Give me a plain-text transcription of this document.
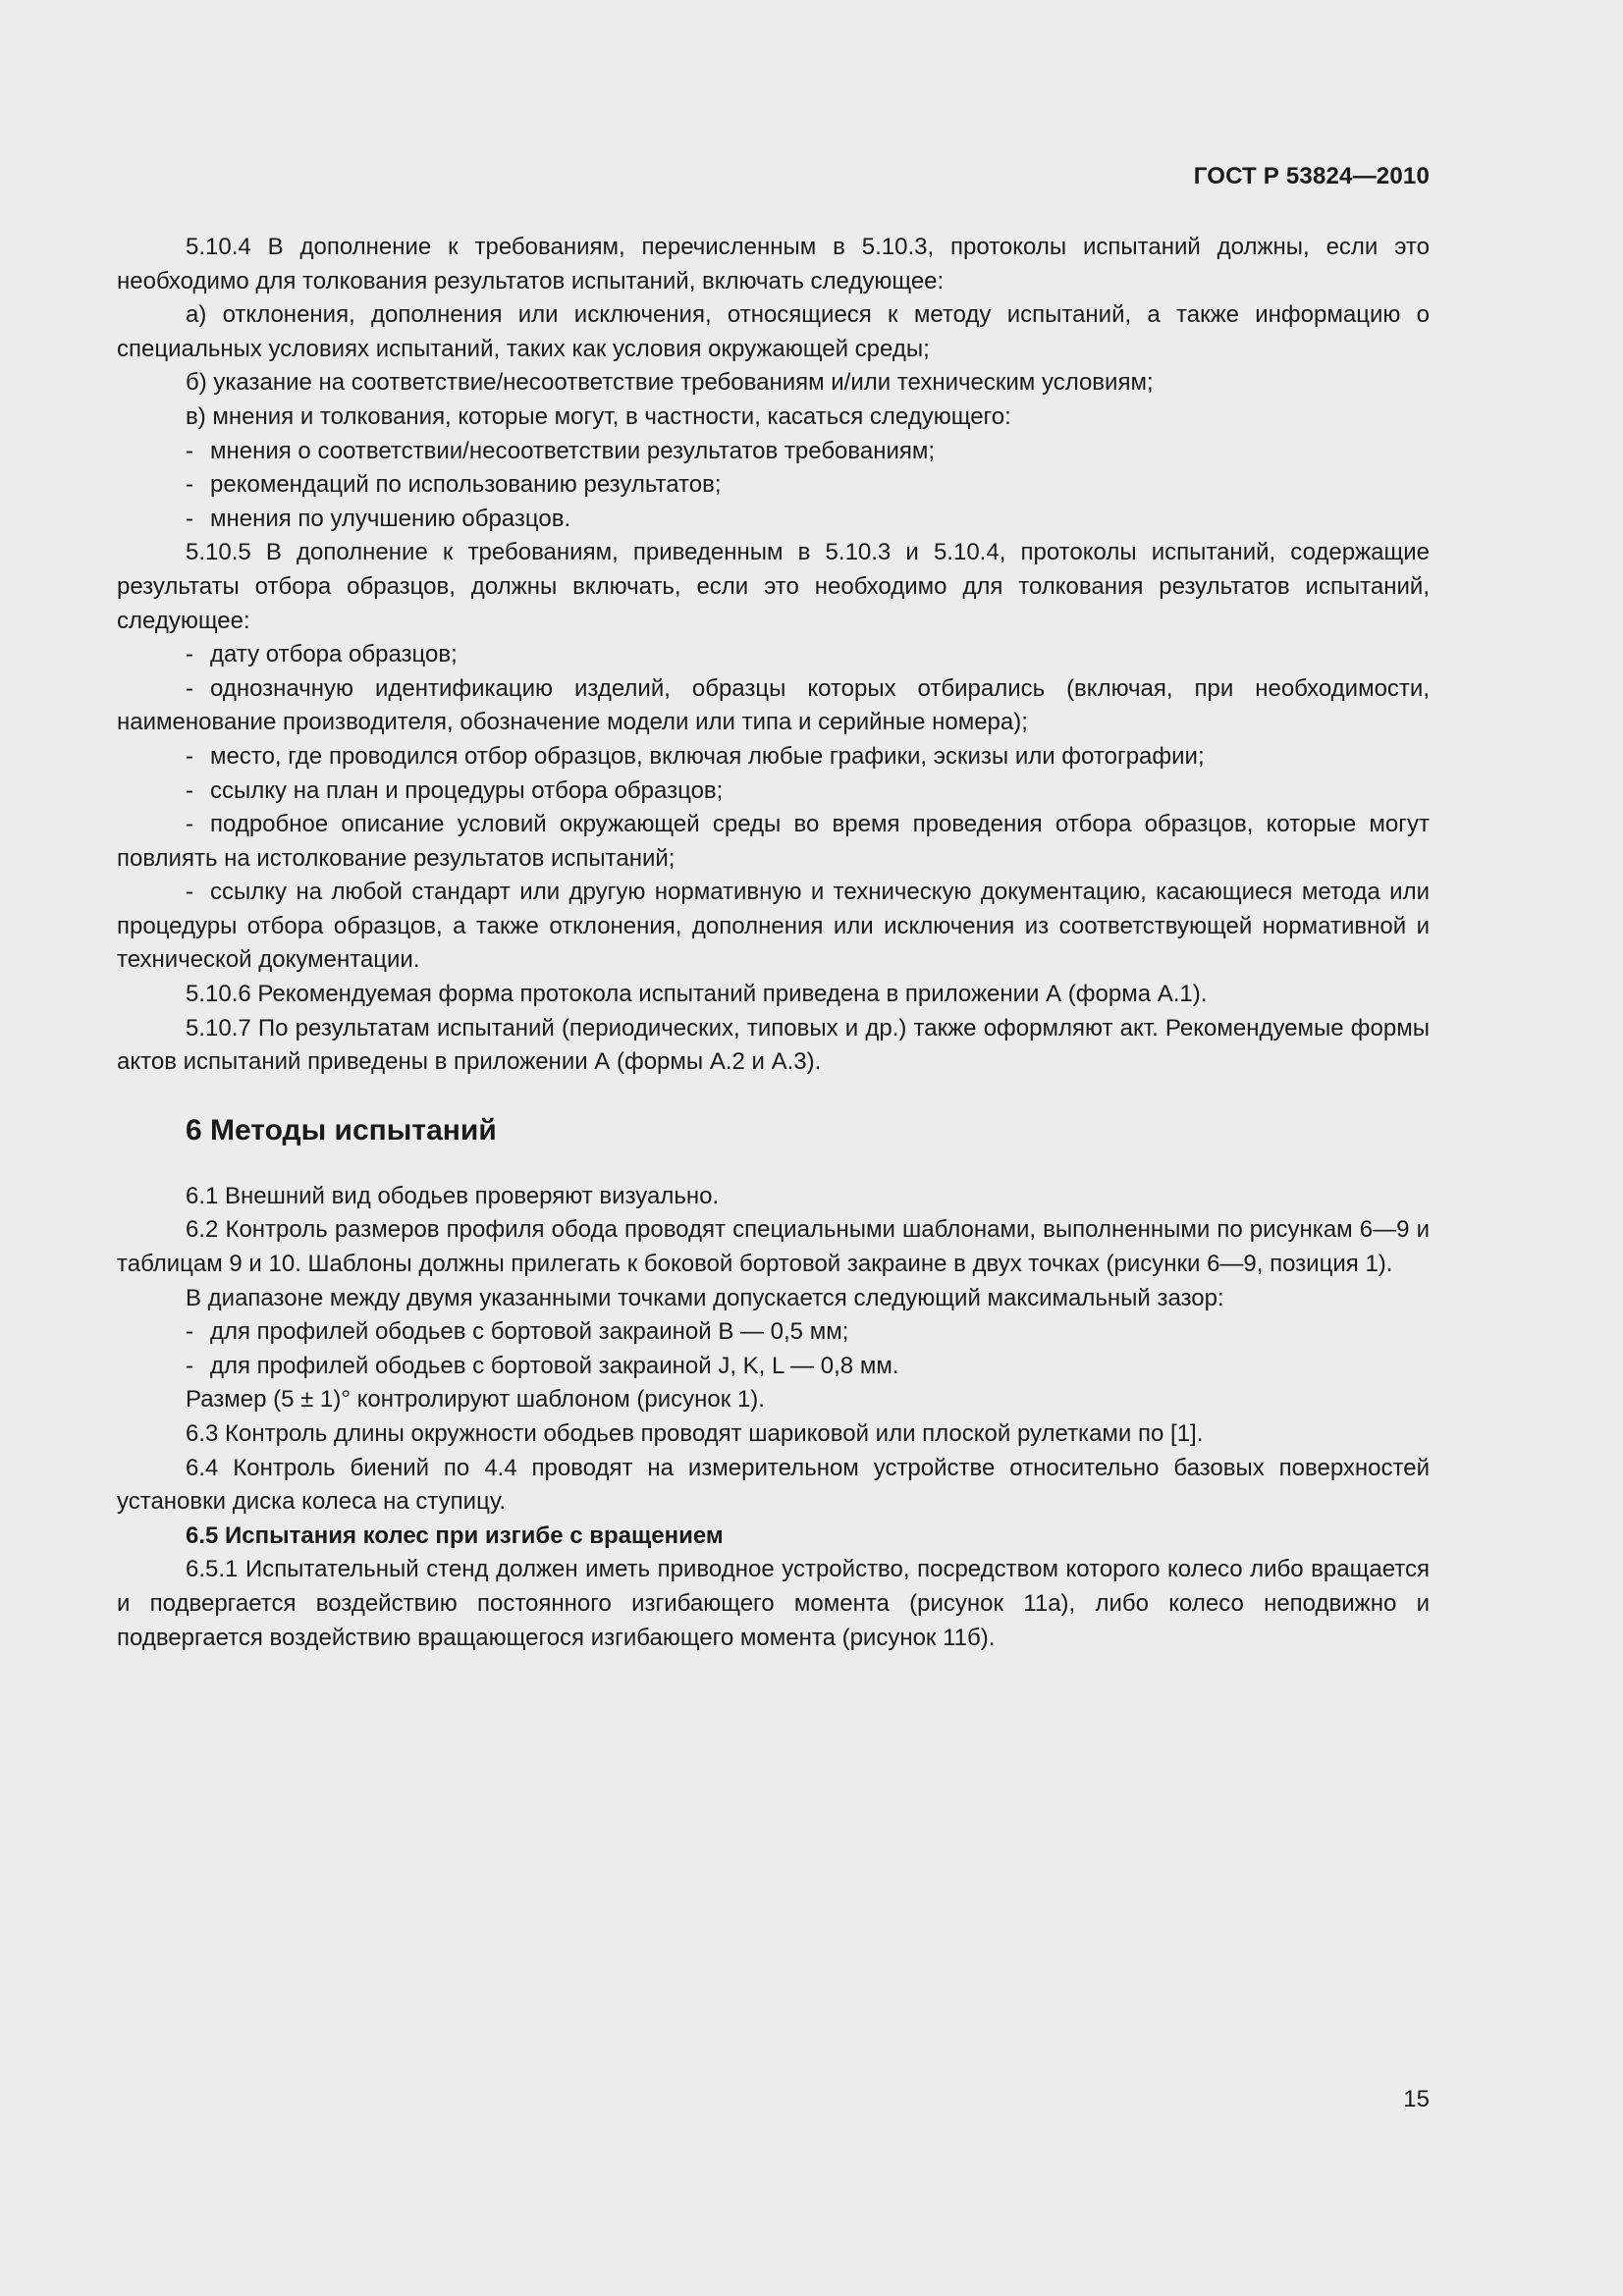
ГОСТ Р 53824—2010

5.10.4 В дополнение к требованиям, перечисленным в 5.10.3, протоколы испытаний должны, если это необходимо для толкования результатов испытаний, включать следующее:

а) отклонения, дополнения или исключения, относящиеся к методу испытаний, а также информацию о специальных условиях испытаний, таких как условия окружающей среды;

б) указание на соответствие/несоответствие требованиям и/или техническим условиям;

в) мнения и толкования, которые могут, в частности, касаться следующего:

- мнения о соответствии/несоответствии результатов требованиям;

- рекомендаций по использованию результатов;

- мнения по улучшению образцов.

5.10.5 В дополнение к требованиям, приведенным в 5.10.3 и 5.10.4, протоколы испытаний, содержащие результаты отбора образцов, должны включать, если это необходимо для толкования результатов испытаний, следующее:

- дату отбора образцов;

- однозначную идентификацию изделий, образцы которых отбирались (включая, при необходимости, наименование производителя, обозначение модели или типа и серийные номера);

- место, где проводился отбор образцов, включая любые графики, эскизы или фотографии;

- ссылку на план и процедуры отбора образцов;

- подробное описание условий окружающей среды во время проведения отбора образцов, которые могут повлиять на истолкование результатов испытаний;

- ссылку на любой стандарт или другую нормативную и техническую документацию, касающиеся метода или процедуры отбора образцов, а также отклонения, дополнения или исключения из соответствующей нормативной и технической документации.

5.10.6 Рекомендуемая форма протокола испытаний приведена в приложении А (форма А.1).

5.10.7 По результатам испытаний (периодических, типовых и др.) также оформляют акт. Рекомендуемые формы актов испытаний приведены в приложении А (формы А.2 и А.3).

6 Методы испытаний

6.1 Внешний вид ободьев проверяют визуально.

6.2 Контроль размеров профиля обода проводят специальными шаблонами, выполненными по рисункам 6—9 и таблицам 9 и 10. Шаблоны должны прилегать к боковой бортовой закраине в двух точках (рисунки 6—9, позиция 1).

В диапазоне между двумя указанными точками допускается следующий максимальный зазор:

- для профилей ободьев с бортовой закраиной B — 0,5 мм;

- для профилей ободьев с бортовой закраиной J, K, L — 0,8 мм.

Размер (5 ± 1)° контролируют шаблоном (рисунок 1).

6.3 Контроль длины окружности ободьев проводят шариковой или плоской рулетками по [1].

6.4 Контроль биений по 4.4 проводят на измерительном устройстве относительно базовых поверхностей установки диска колеса на ступицу.

6.5 Испытания колес при изгибе с вращением

6.5.1 Испытательный стенд должен иметь приводное устройство, посредством которого колесо либо вращается и подвергается воздействию постоянного изгибающего момента (рисунок 11а), либо колесо неподвижно и подвергается воздействию вращающегося изгибающего момента (рисунок 11б).

15
